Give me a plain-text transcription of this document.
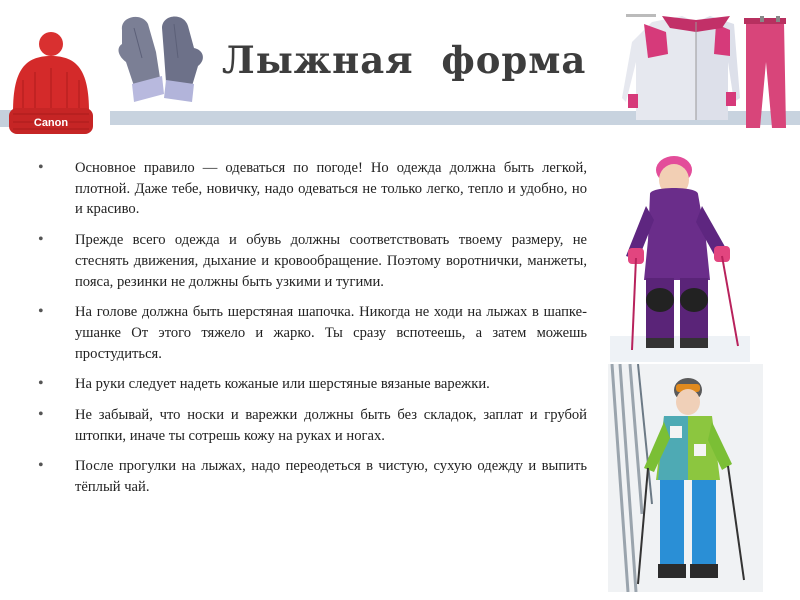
Лыжная  форма
Canon
• Основное правило — одеваться по погоде! Но одежда должна быть легкой, плотной. Даже тебе, новичку, надо одеваться не только легко, тепло и удобно, но и красиво.
• Прежде всего одежда и обувь должны соответствовать твоему размеру, не стеснять движения, дыхание и кровообращение. Поэтому воротнички, манжеты, пояса, резинки не должны быть узкими и тугими.
• На голове должна быть шерстяная шапочка. Никогда не ходи на лыжах в шапке-ушанке От этого тяжело и жарко. Ты сразу вспотеешь, а затем можешь простудиться.
• На руки следует надеть кожаные или шерстяные вязаные варежки.
• Не забывай, что носки и варежки должны быть без складок, заплат и грубой штопки, иначе ты сотрешь кожу на руках и ногах.
• После прогулки на лыжах, надо переодеться в чистую, сухую одежду и выпить тёплый чай.
